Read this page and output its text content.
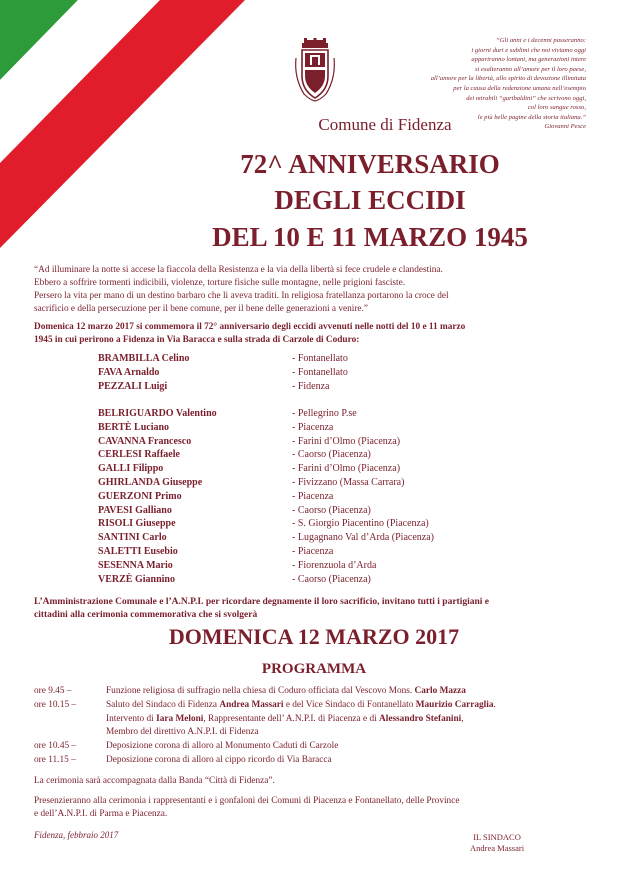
“Gli anni e i decenni passeranno:
i giorni duri e sublimi che noi viviamo oggi
appariranno lontani, ma generazioni intere
si esalteranno all’amore per il loro paese,
all’amore per la libertà, allo spirito di devozione illimitata
per la causa della redenzione umana nell’esempio
dei mirabili “garibaldini” che scrivono oggi,
col loro sangue rosso,
le più belle pagine della storia italiana.”
Giovanni Pesce
Comune di Fidenza
72^ ANNIVERSARIO
DEGLI ECCIDI
DEL 10 E 11 MARZO 1945
“Ad illuminare la notte si accese la fiaccola della Resistenza e la via della libertà si fece crudele e clandestina.
Ebbero a soffrire tormenti indicibili, violenze, torture fisiche sulle montagne, nelle prigioni fasciste.
Persero la vita per mano di un destino barbaro che li aveva traditi. In religiosa fratellanza portarono la croce del
sacrificio e della persecuzione per il bene comune, per il bene delle generazioni a venire.”
Domenica 12 marzo 2017 si commemora il 72° anniversario degli eccidi avvenuti nelle notti del 10 e 11 marzo
1945 in cui perirono a Fidenza in Via Baracca e sulla strada di Carzole di Coduro:
BRAMBILLA Celino	- Fontanellato
FAVA Arnaldo	- Fontanellato
PEZZALI Luigi	- Fidenza
BELRIGUARDO Valentino	- Pellegrino P.se
BERTÈ Luciano	- Piacenza
CAVANNA Francesco	- Farini d’Olmo (Piacenza)
CERLESI Raffaele	- Caorso (Piacenza)
GALLI Filippo	- Farini d’Olmo (Piacenza)
GHIRLANDA Giuseppe	- Fivizzano (Massa Carrara)
GUERZONI Primo	- Piacenza
PAVESI Galliano	- Caorso (Piacenza)
RISOLI Giuseppe	- S. Giorgio Piacentino (Piacenza)
SANTINI Carlo	- Lugagnano Val d’Arda (Piacenza)
SALETTI Eusebio	- Piacenza
SESENNA Mario	- Fiorenzuola d’Arda
VERZÈ Giannino	- Caorso (Piacenza)
L’Amministrazione Comunale e l’A.N.P.I. per ricordare degnamente il loro sacrificio, invitano tutti i partigiani e
cittadini alla cerimonia commemorativa che si svolgerà
DOMENICA 12 MARZO 2017
PROGRAMMA
ore 9.45 –	Funzione religiosa di suffragio nella chiesa di Coduro officiata dal Vescovo Mons. Carlo Mazza
ore 10.15 –	Saluto del Sindaco di Fidenza Andrea Massari e del Vice Sindaco di Fontanellato Maurizio Carraglia.
Intervento di Iara Meloni, Rappresentante dell’ A.N.P.I. di Piacenza e di Alessandro Stefanini,
Membro del direttivo A.N.P.I. di Fidenza
ore 10.45 –	Deposizione corona di alloro al Monumento Caduti di Carzole
ore 11.15 –	Deposizione corona di alloro al cippo ricordo di Via Baracca
La cerimonia sarà accompagnata dalla Banda “Città di Fidenza”.
Presenzieranno alla cerimonia i rappresentanti e i gonfaloni dei Comuni di Piacenza e Fontanellato, delle Province
e dell’A.N.P.I. di Parma e Piacenza.
Fidenza, febbraio 2017	IL SINDACO
Andrea Massari
